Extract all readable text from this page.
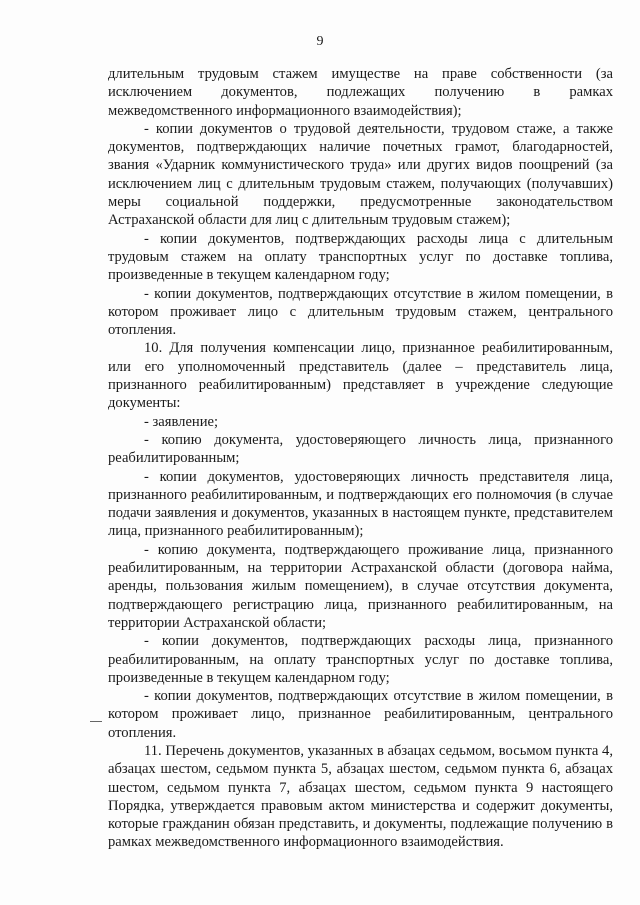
9

длительным трудовым стажем имуществе на праве собственности (за исключением документов, подлежащих получению в рамках межведомственного информационного взаимодействия);

- копии документов о трудовой деятельности, трудовом стаже, а также документов, подтверждающих наличие почетных грамот, благодарностей, звания «Ударник коммунистического труда» или других видов поощрений (за исключением лиц с длительным трудовым стажем, получающих (получавших) меры социальной поддержки, предусмотренные законодательством Астраханской области для лиц с длительным трудовым стажем);

- копии документов, подтверждающих расходы лица с длительным трудовым стажем на оплату транспортных услуг по доставке топлива, произведенные в текущем календарном году;

- копии документов, подтверждающих отсутствие в жилом помещении, в котором проживает лицо с длительным трудовым стажем, центрального отопления.

10. Для получения компенсации лицо, признанное реабилитированным, или его уполномоченный представитель (далее – представитель лица, признанного реабилитированным) представляет в учреждение следующие документы:

- заявление;

- копию документа, удостоверяющего личность лица, признанного реабилитированным;

- копии документов, удостоверяющих личность представителя лица, признанного реабилитированным, и подтверждающих его полномочия (в случае подачи заявления и документов, указанных в настоящем пункте, представителем лица, признанного реабилитированным);

- копию документа, подтверждающего проживание лица, признанного реабилитированным, на территории Астраханской области (договора найма, аренды, пользования жилым помещением), в случае отсутствия документа, подтверждающего регистрацию лица, признанного реабилитированным, на территории Астраханской области;

- копии документов, подтверждающих расходы лица, признанного реабилитированным, на оплату транспортных услуг по доставке топлива, произведенные в текущем календарном году;

- копии документов, подтверждающих отсутствие в жилом помещении, в котором проживает лицо, признанное реабилитированным, центрального отопления.

11. Перечень документов, указанных в абзацах седьмом, восьмом пункта 4, абзацах шестом, седьмом пункта 5, абзацах шестом, седьмом пункта 6, абзацах шестом, седьмом пункта 7, абзацах шестом, седьмом пункта 9 настоящего Порядка, утверждается правовым актом министерства и содержит документы, которые гражданин обязан представить, и документы, подлежащие получению в рамках межведомственного информационного взаимодействия.
